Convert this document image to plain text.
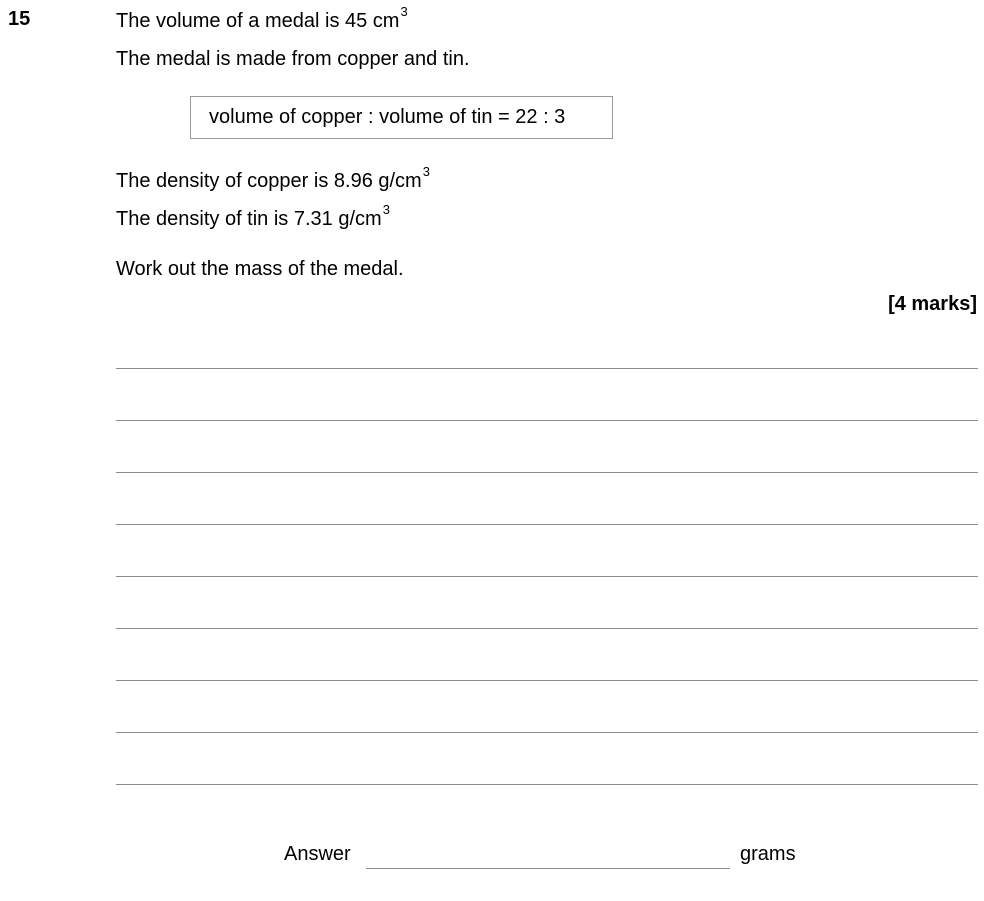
15	The volume of a medal is 45 $cm^3$
The medal is made from copper and tin.
volume of copper : volume of tin = 22 : 3
The density of copper is 8.96 $g/cm^3$
The density of tin is 7.31 $g/cm^3$
Work out the mass of the medal.
[4 marks]
Answer	grams
